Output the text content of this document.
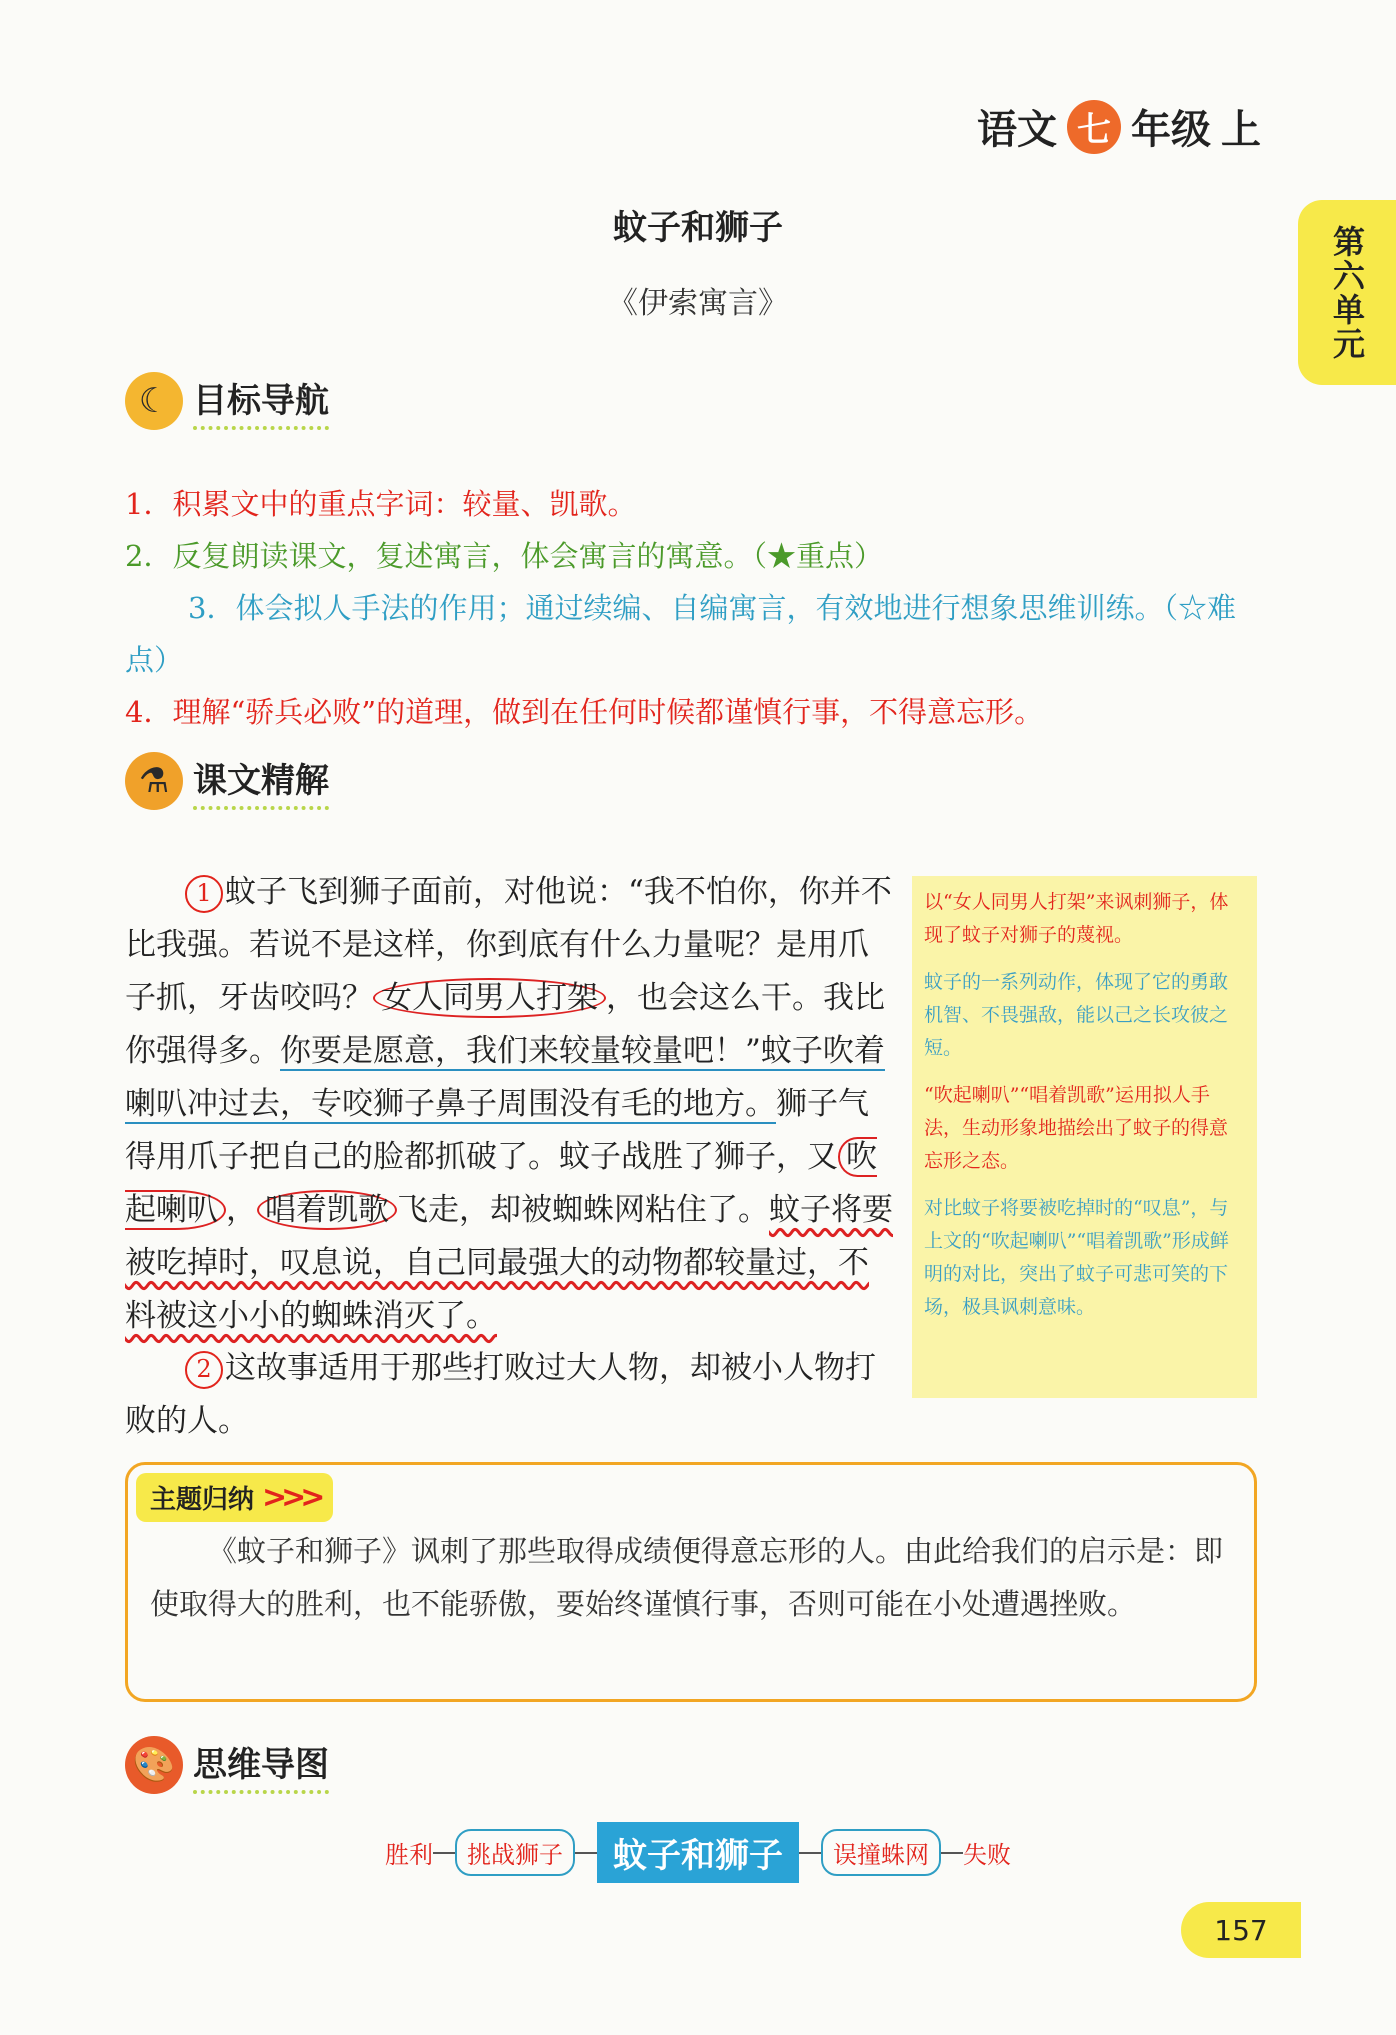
语文 七 年级 上
第六单元
蚊子和狮子
《伊索寓言》
☾ 目标导航
1．积累文中的重点字词：较量、凯歌。
2．反复朗读课文，复述寓言，体会寓言的寓意。（★重点）
3．体会拟人手法的作用；通过续编、自编寓言，有效地进行想象思维训练。（☆难点）
4．理解“骄兵必败”的道理，做到在任何时候都谨慎行事，不得意忘形。
⚗ 课文精解
1 蚊子飞到狮子面前，对他说：“我不怕你，你并不比我强。若说不是这样，你到底有什么力量呢？是用爪子抓，牙齿咬吗？ 女人同男人打架 ，也会这么干。我比你强得多。你要是愿意，我们来较量较量吧！”蚊子吹着喇叭冲过去，专咬狮子鼻子周围没有毛的地方。狮子气得用爪子把自己的脸都抓破了。蚊子战胜了狮子，又 吹起喇叭 ， 唱着凯歌 飞走，却被蜘蛛网粘住了。蚊子将要被吃掉时，叹息说，自己同最强大的动物都较量过，不料被这小小的蜘蛛消灭了。
2 这故事适用于那些打败过大人物，却被小人物打败的人。

以“女人同男人打架”来讽刺狮子，体现了蚊子对狮子的蔑视。

蚊子的一系列动作，体现了它的勇敢机智、不畏强敌，能以己之长攻彼之短。

“吹起喇叭”“唱着凯歌”运用拟人手法，生动形象地描绘出了蚊子的得意忘形之态。

对比蚊子将要被吃掉时的“叹息”，与上文的“吹起喇叭”“唱着凯歌”形成鲜明的对比，突出了蚊子可悲可笑的下场，极具讽刺意味。

主题归纳 >>>
《蚊子和狮子》讽刺了那些取得成绩便得意忘形的人。由此给我们的启示是：即使取得大的胜利，也不能骄傲，要始终谨慎行事，否则可能在小处遭遇挫败。
🎨 思维导图
胜利	挑战狮子	蚊子和狮子	误撞蛛网	失败
157
